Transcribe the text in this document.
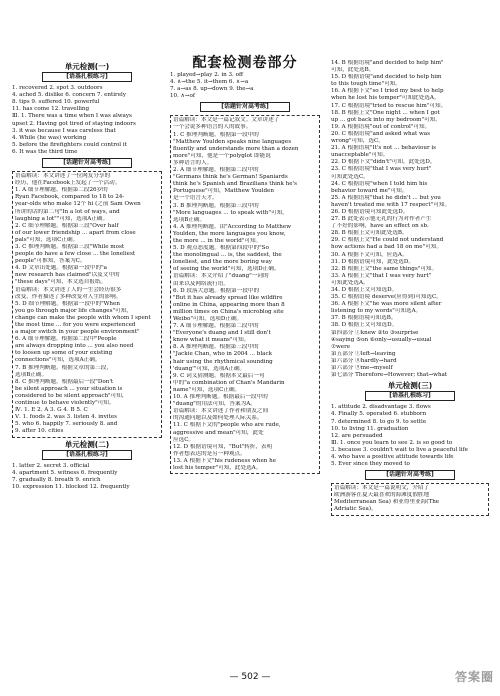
配套检测卷部分
单元检测(一)
[语基扎根练习]
1. recovered 2. spot 3. outdoors
4. ached 5. dislike 6. concern 7. entirely
8. tips 9. suffered 10. powerful
11. has come 12. travelling
Ⅲ. 1. There was a time when I was always
upset 2. Having got tired of staying indoors
3. it was because I was careless that
4. While (he was) working
5. before the firefighters could control it
6. It was the third time
[话题针对高考练]
语篇解读：本文讲述了一位网友分享的
经历，他在Facebook上发起了一个活动。
1. A 细节理解题。根据第二段26岁的
Ryan Facebook, compared to 18 to 24-
year-olds who make 12个 hi (之前 Sam Owen
所讲的话的第二句"In a lot of ways, and
laughing a lot""可知，选项A正确。
2. C 细节理解题。根据第三段"Over half
of our lower friendship ... apart from close
pals"可知，选项C正确。
3. C 推理判断题。根据第三段"While most
people do have a few close ... the loneliest
people"可推知，答案为C。
4. D 文章出处题。根据第一段中的"a
new research has claimed"以及文中的
"these days"可知，本文选自报纸。
语篇解读：本文讲述了人的一生会经历很多
改变，作者描述了多种改变对人生的影响。
5. D 细节理解题。根据第一段中的"When
you go through major life changes"可知，
change can make the people with whom I spent
the most time ... for you were experienced
a major switch in your people environment"
6. A 细节理解题。根据第二段中"People
are always dropping into ... you also need
to loosen up some of your existing
connections"可知，选项A正确。
7. B 推理判断题。根据文章的第三段，
选项B正确。
8. C 推理判断题。根据最后一段"Don't
be silent approach ... your situation is
considered to be silent approach"可知，
continue to behave violently"可知。
Ⅳ. 1. E 2. A 3. G 4. B 5. C
Ⅴ. 1. foods 2. was 3. listen 4. invites
5. who 6. happily 7. seriously 8. and
9. after 10. cities
单元检测(二)
[语基扎根练习]
1. latter 2. secret 3. official
4. apartment 5. witness 6. frequently
7. gradually 8. breath 9. enrich
10. expression 11. blocked 12. frequently
1. played→play 2. in 3. off
4. ∧→the 5. it→them 6. ∧→a
7. a→as 8. up→down 9. the→a
10. ∧→of
[话题针对高考练]
语篇解读：本文是一篇记叙文。文章讲述了
一个会说多种语言的人的故事。
1. C 推理判断题。根据第一段中的
"Matthew Youlden speaks nine languages
fluently and understands more than a dozen
more"可知，他是一个polyglot 即能说
多种语言的人。
2. A 细节理解题。根据第二段中的
"Germans think he's German! Spaniards
think he's Spanish and Brazilians think he's
Portuguese"可知，Matthew Youlden
是一个语言天才。
3. B 推理判断题。根据第三段中的
"More languages ... to speak with"可知，
选项B正确。
4. A 推理判断题。由"According to Matthew
Youlden, the more languages you know,
the more ... in the world"可知。
5. D 观点态度题。根据第四段中的"So
the monolingual ... is, the saddest, the
loneliest, and the more boring way
of seeing the world"可知，选项D正确。
语篇解读：本文介绍了"duang"一词的
由来以及网络流行语。
6. D 段落大意题。根据第一段中的
"But it has already spread like wildfire
online in China, appearing more than 8
million times on China's microblog site
Weibo"可知，选项D正确。
7. A 细节理解题。根据第二段中的
"Everyone's duang and I still don't
know what it means"可知。
8. A 推理判断题。根据第三段中的
"Jackie Chan, who in 2004 ... black
hair using the rhythmical sounding
'duang'"可知，选项A正确。
9. C 词义猜测题。根据本文最后一句
中的"a combination of Chan's Mandarin
name"可知，选项C正确。
10. A 推理判断题。根据最后一段中的
"duang"的用法可知，答案为A。
语篇解读：本文讲述了作者和朋友之间
的沟通问题以及如何处理人际关系。
11. C 根据下文的"people who are rude,
aggressive and mean"可知，此处
应选C。
12. D 根据语境可知，"But"转折，表明
作者想表达的是另一种观点。
13. A 根据下文"his rudeness when he
lost his temper"可知，此处选A。
14. B 根据语境"and decided to help him"
可知，此处选B。
15. D 根据语境"and decided to help him
to this tough time"可知。
16. A 根据下文"so I tried my best to help
when he lost his temper"可知此处选A。
17. C 根据语境"tried to rescue him"可知。
18. B 根据上文"One night ... when I got
up ... got back into my bedroom"可知。
19. A 根据语境"out of control"可知。
20. C 根据语境"and asked what was
wrong"可知，选C。
21. A 根据语境"It's not ... behaviour is
unacceptable"可知。
22. D 根据下文"didn't"可知，此处选D。
23. C 根据语境"that I was very hurt"
可知此处选C。
24. C 根据语境"when I told him his
behavior toward me"可知。
25. A 根据语境"that he didn't ... but you
haven't treated me with 17 respect"可知。
26. D 根据语境可知此处选D。
27. B 此处表示他无礼的行为对作者产生
了不好的影响，have an effect on sb.
28. B 根据上文可知此处选B。
29. C 根据上文"He could not understand
how actions had a bad 18 on me"可知。
30. A 根据下文可知，应选A。
31. D 根据语境可知，此处选D。
32. B 根据上文"the same things"可知。
33. A 根据上文"that I was very hurt"
可知此处选A。
34. D 根据上文可知选D。
35. C 根据语境 deserve(应得到)可知选C。
36. A 根据下文"he was more silent after
listening to my words"可知选A。
37. B 根据语境可知选B。
38. D 根据上文可知选D。
第四部分 ①knew ②to ③surprise
④saying ⑤on ⑥only→usually→usual
⑦were
第五部分 ①left→leaving
第六部分 ⑧hardly→hard
第六部分 ⑨me→myself
第七部分 Therefore→However; that→what
单元检测(三)
[语基扎根练习]
1. attitude 2. disadvantage 3. flows
4. Finally 5. operated 6. stubborn
7. determined 8. to go 9. to settle
10. to living 11. graduation
12. are persuaded
Ⅲ. 1. once you learn to see 2. is so good to
3. because 3. couldn't wait to live a peaceful life
4. who have a positive attitude towards life
5. Ever since they moved to
[话题针对高考练]
语篇解读：本文是一篇说明文，介绍了
欧洲游客在夏天最喜欢的海滩度假胜地
Mediterranean Sea) 和亚得里亚海(The
Adriatic Sea)。
— 502 —	答案圈
